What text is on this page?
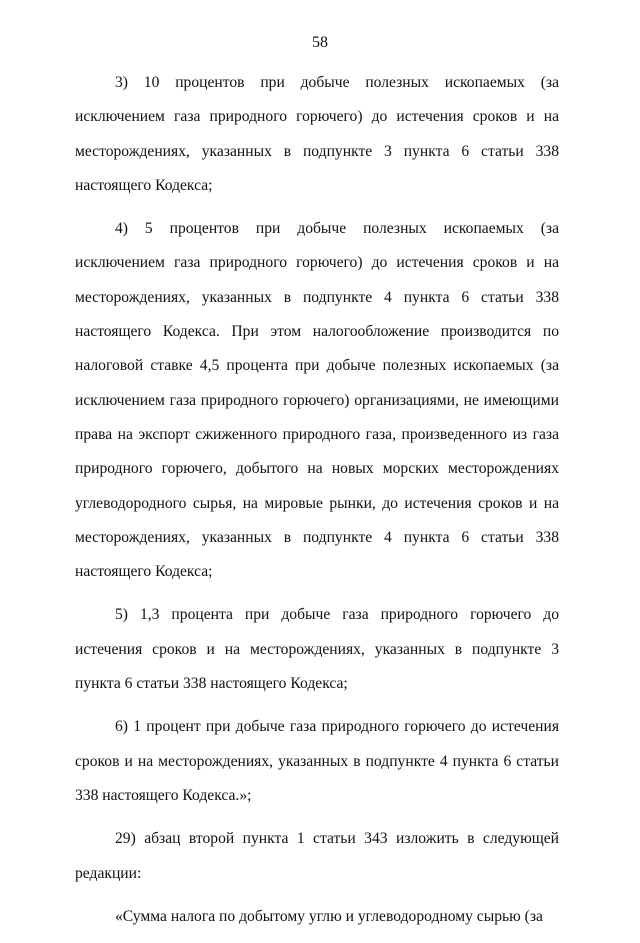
58

3) 10 процентов при добыче полезных ископаемых (за исключением газа природного горючего) до истечения сроков и на месторождениях, указанных в подпункте 3 пункта 6 статьи 338 настоящего Кодекса;

4) 5 процентов при добыче полезных ископаемых (за исключением газа природного горючего) до истечения сроков и на месторождениях, указанных в подпункте 4 пункта 6 статьи 338 настоящего Кодекса. При этом налогообложение производится по налоговой ставке 4,5 процента при добыче полезных ископаемых (за исключением газа природного горючего) организациями, не имеющими права на экспорт сжиженного природного газа, произведенного из газа природного горючего, добытого на новых морских месторождениях углеводородного сырья, на мировые рынки, до истечения сроков и на месторождениях, указанных в подпункте 4 пункта 6 статьи 338 настоящего Кодекса;

5) 1,3 процента при добыче газа природного горючего до истечения сроков и на месторождениях, указанных в подпункте 3 пункта 6 статьи 338 настоящего Кодекса;

6) 1 процент при добыче газа природного горючего до истечения сроков и на месторождениях, указанных в подпункте 4 пункта 6 статьи 338 настоящего Кодекса.»;

29) абзац второй пункта 1 статьи 343 изложить в следующей редакции:

«Сумма налога по добытому углю и углеводородному сырью (за
